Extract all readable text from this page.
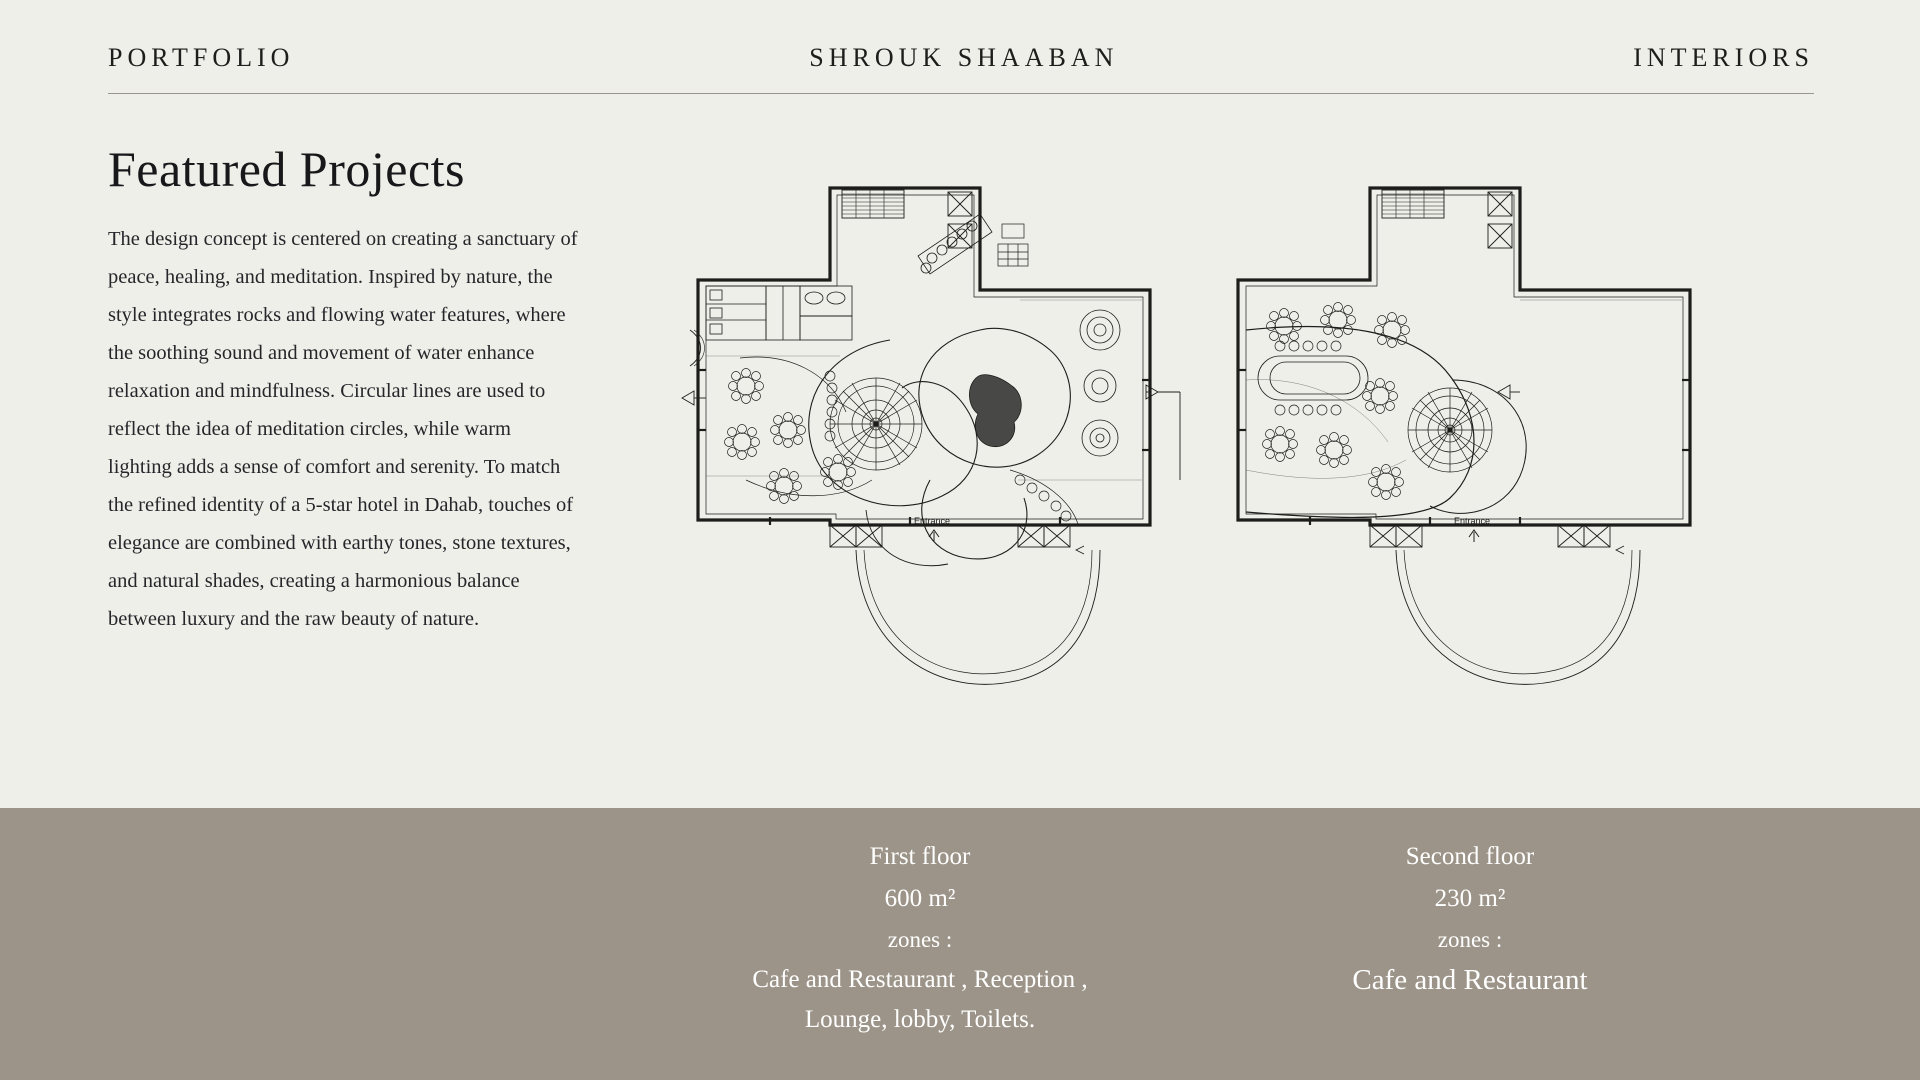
PORTFOLIO	SHROUK SHAABAN	INTERIORS
Featured Projects

The design concept is centered on creating a sanctuary of peace, healing, and meditation. Inspired by nature, the style integrates rocks and flowing water features, where the soothing sound and movement of water enhance relaxation and mindfulness. Circular lines are used to reflect the idea of meditation circles, while warm lighting adds a sense of comfort and serenity. To match the refined identity of a 5-star hotel in Dahab, touches of elegance are combined with earthy tones, stone textures, and natural shades, creating a harmonious balance between luxury and the raw beauty of nature.

Entrance	Entrance
First floor
600 m²
zones :
Cafe and Restaurant , Reception ,
Lounge, lobby, Toilets.
Second floor
230 m²
zones :
Cafe and Restaurant
